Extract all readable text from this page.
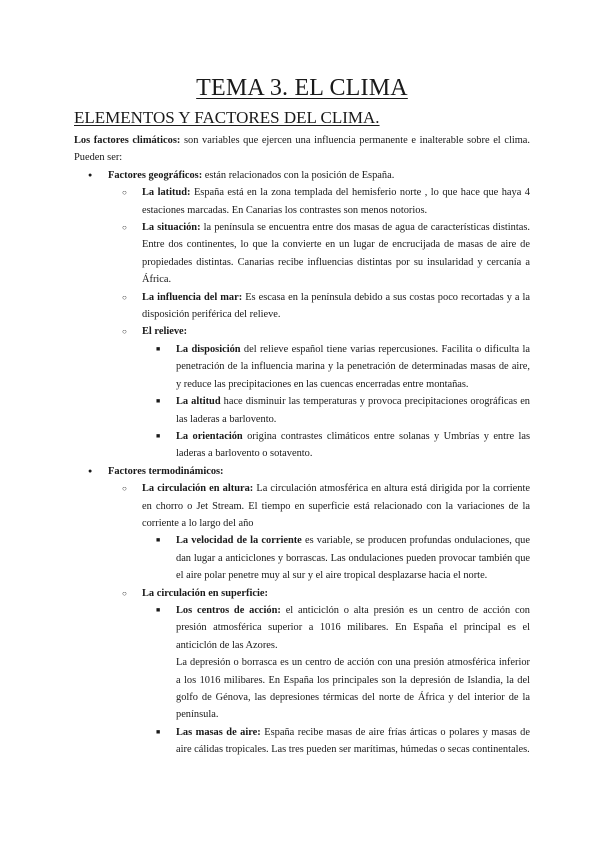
TEMA 3. EL CLIMA
ELEMENTOS Y FACTORES DEL CLIMA.

Los factores climáticos: son variables que ejercen una influencia permanente e inalterable sobre el clima. Pueden ser:

● Factores geográficos: están relacionados con la posición de España.
○ La latitud: España está en la zona templada del hemisferio norte , lo que hace que haya 4 estaciones marcadas. En Canarias los contrastes son menos notorios.
○ La situación: la península se encuentra entre dos masas de agua de características distintas. Entre dos continentes, lo que la convierte en un lugar de encrucijada de masas de aire de propiedades distintas. Canarias recibe influencias distintas por su insularidad y cercanía a África.
○ La influencia del mar: Es escasa en la península debido a sus costas poco recortadas y a la disposición periférica del relieve.
○ El relieve:
■ La disposición del relieve español tiene varias repercusiones. Facilita o dificulta la penetración de la influencia marina y la penetración de determinadas masas de aire, y reduce las precipitaciones en las cuencas encerradas entre montañas.
■ La altitud hace disminuir las temperaturas y provoca precipitaciones orográficas en las laderas a barlovento.
■ La orientación origina contrastes climáticos entre solanas y Umbrías y entre las laderas a barlovento o sotavento.
● Factores termodinámicos:
○ La circulación en altura: La circulación atmosférica en altura está dirigida por la corriente en chorro o Jet Stream. El tiempo en superficie está relacionado con la variaciones de la corriente a lo largo del año
■ La velocidad de la corriente es variable, se producen profundas ondulaciones, que dan lugar a anticiclones y borrascas. Las ondulaciones pueden provocar también que el aire polar penetre muy al sur y el aire tropical desplazarse hacia el norte.
○ La circulación en superficie:
■ Los centros de acción: el anticiclón o alta presión es un centro de acción con presión atmosférica superior a 1016 milibares. En España el principal es el anticiclón de las Azores.

La depresión o borrasca es un centro de acción con una presión atmosférica inferior a los 1016 milibares. En España los principales son la depresión de Islandia, la del golfo de Génova, las depresiones térmicas del norte de África y del interior de la península.

■ Las masas de aire: España recibe masas de aire frías árticas o polares y masas de aire cálidas tropicales. Las tres pueden ser marítimas, húmedas o secas continentales.
